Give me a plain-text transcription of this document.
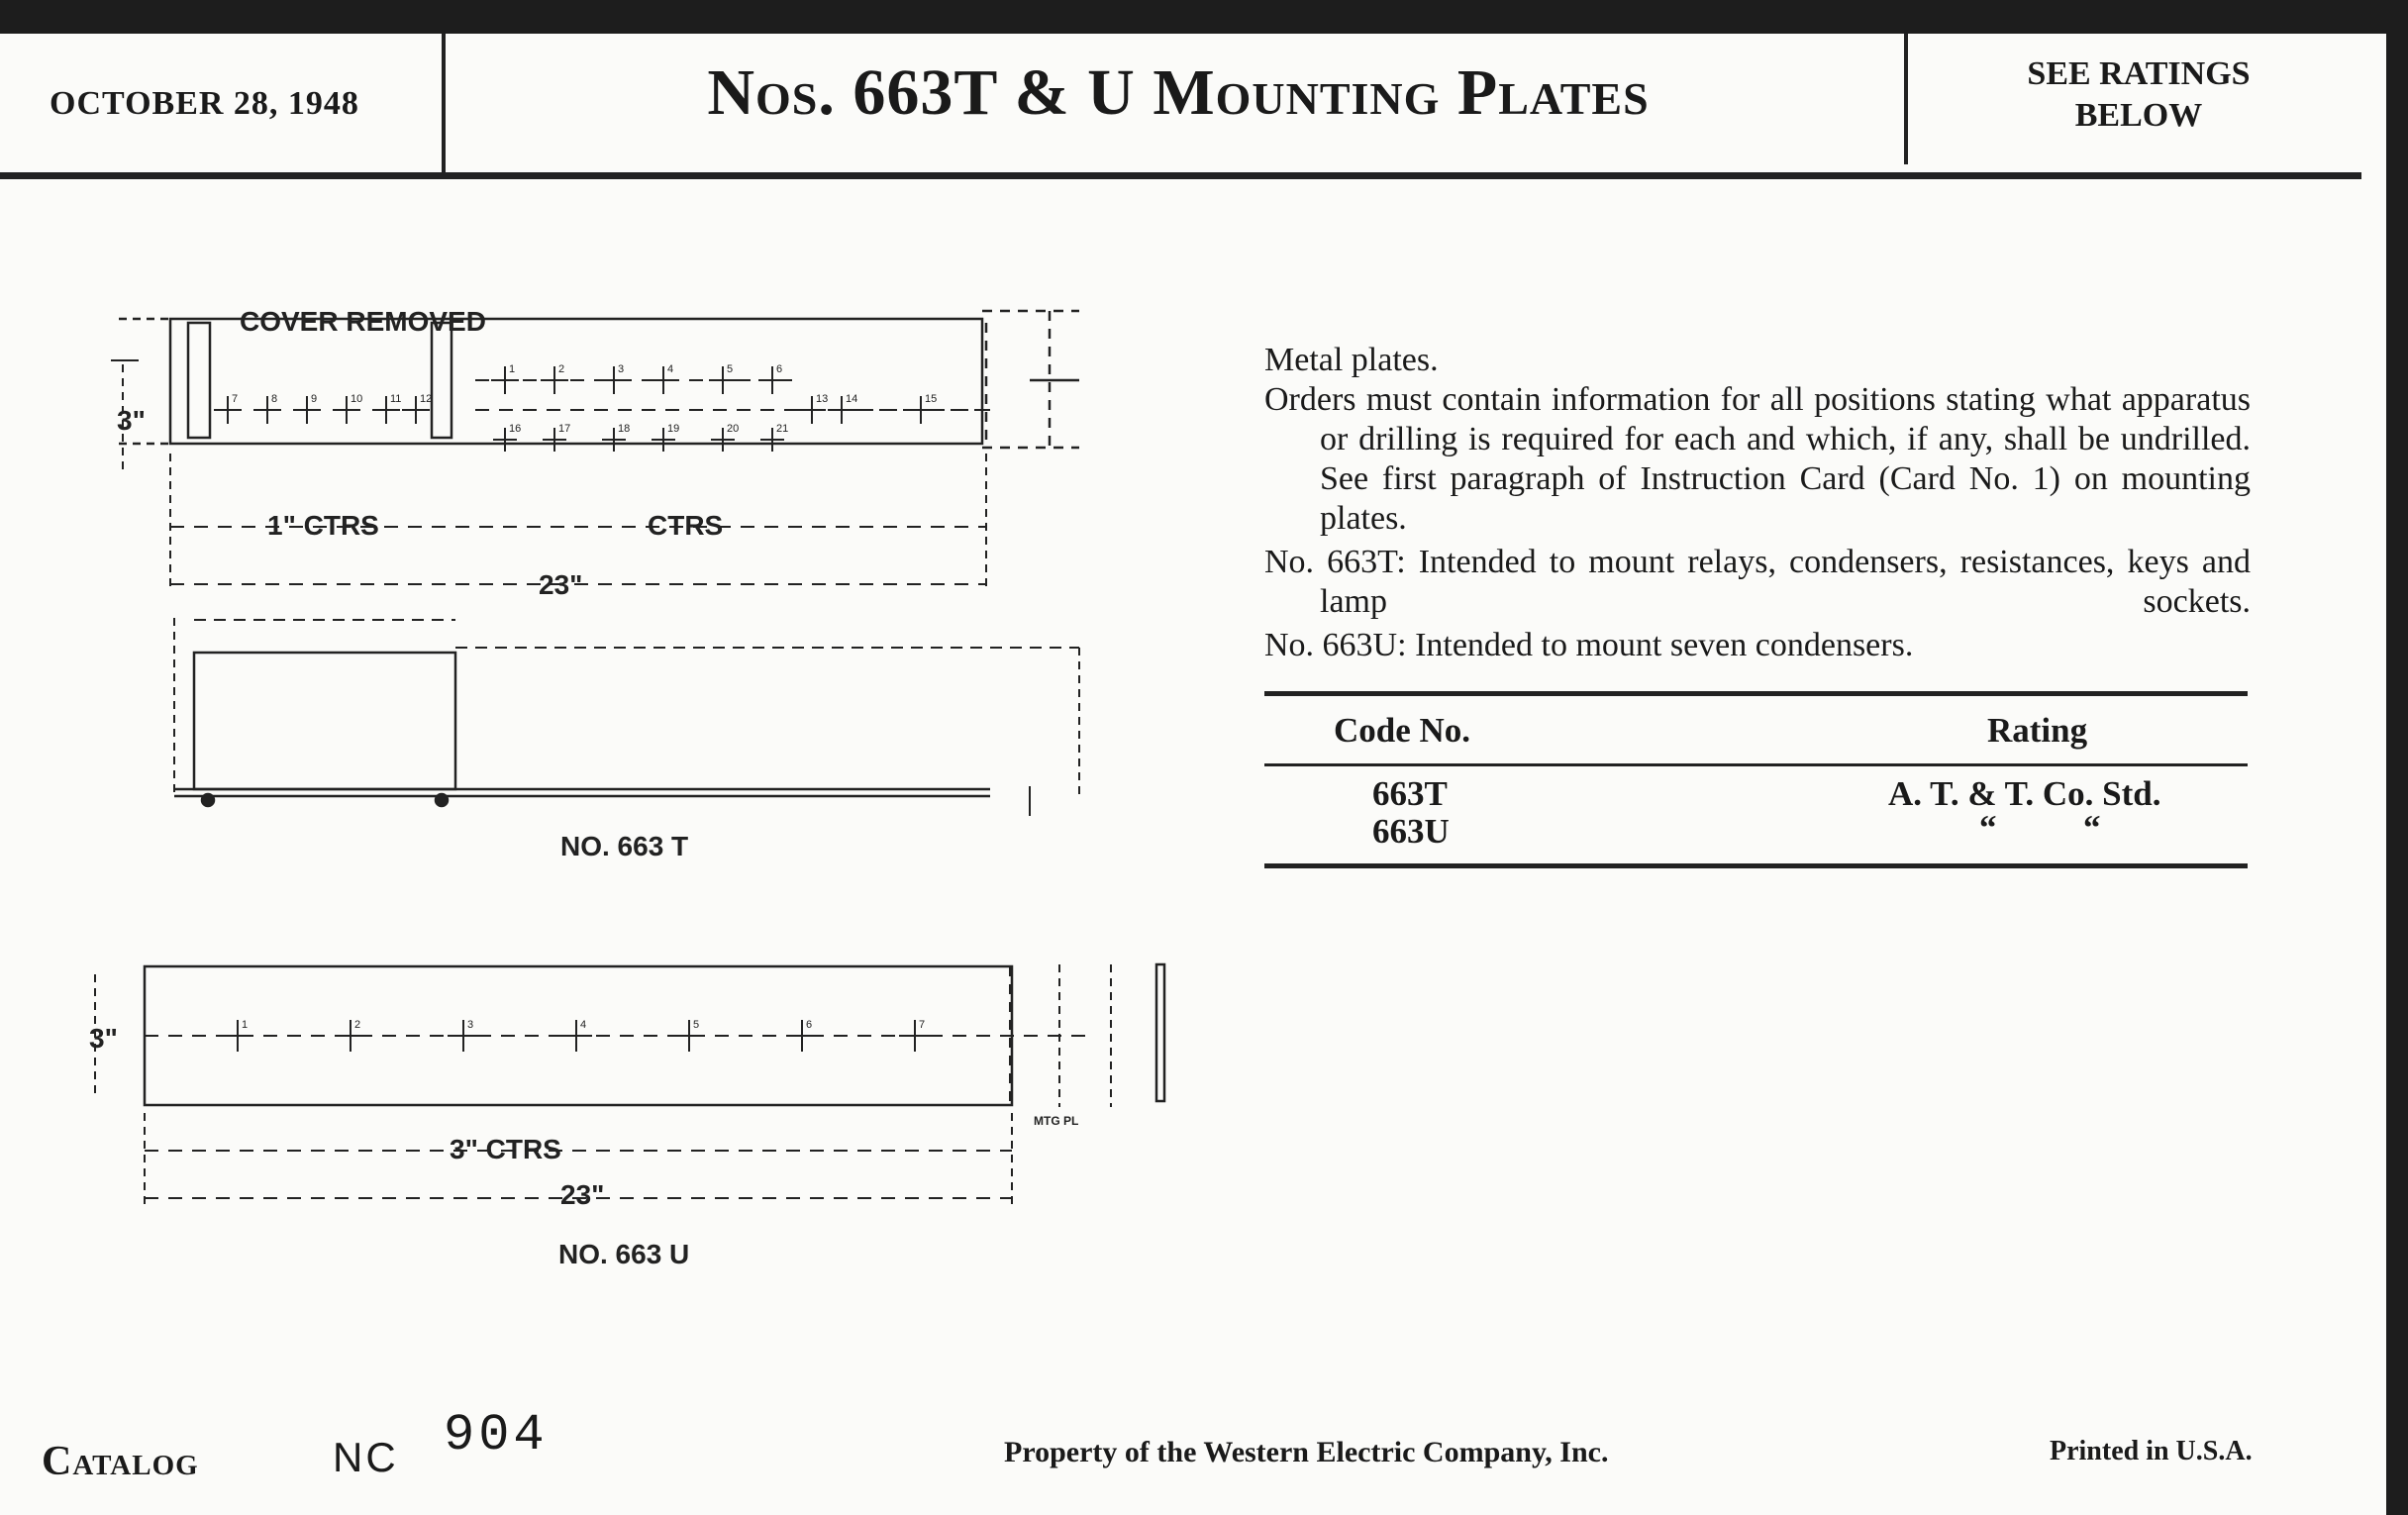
OCTOBER 28, 1948	Nos. 663T & U Mounting Plates	SEE RATINGS
BELOW
7	8	9	10	11 12
1	2	3	4	5	6
13 14	15
16	17	18	19	20	21
1	2	3	4	5	6	7
COVER REMOVED
1" CTRS	CTRS
23"
3"
NO. 663 T
3" CTRS
23"
3"
MTG PL
NO. 663 U

Metal plates.

Orders must contain information for all positions stating what apparatus or drilling is required for each and which, if any, shall be undrilled. See first paragraph of Instruction Card (Card No. 1) on mounting plates.

No. 663T: Intended to mount relays, condensers, resistances, keys and lamp sockets.

No. 663U: Intended to mount seven condensers.

Code No.	Rating
663T	A. T. & T. Co. Std.
663U	“          “
Catalog	NC 904	Property of the Western Electric Company, Inc.	Printed in U.S.A.
